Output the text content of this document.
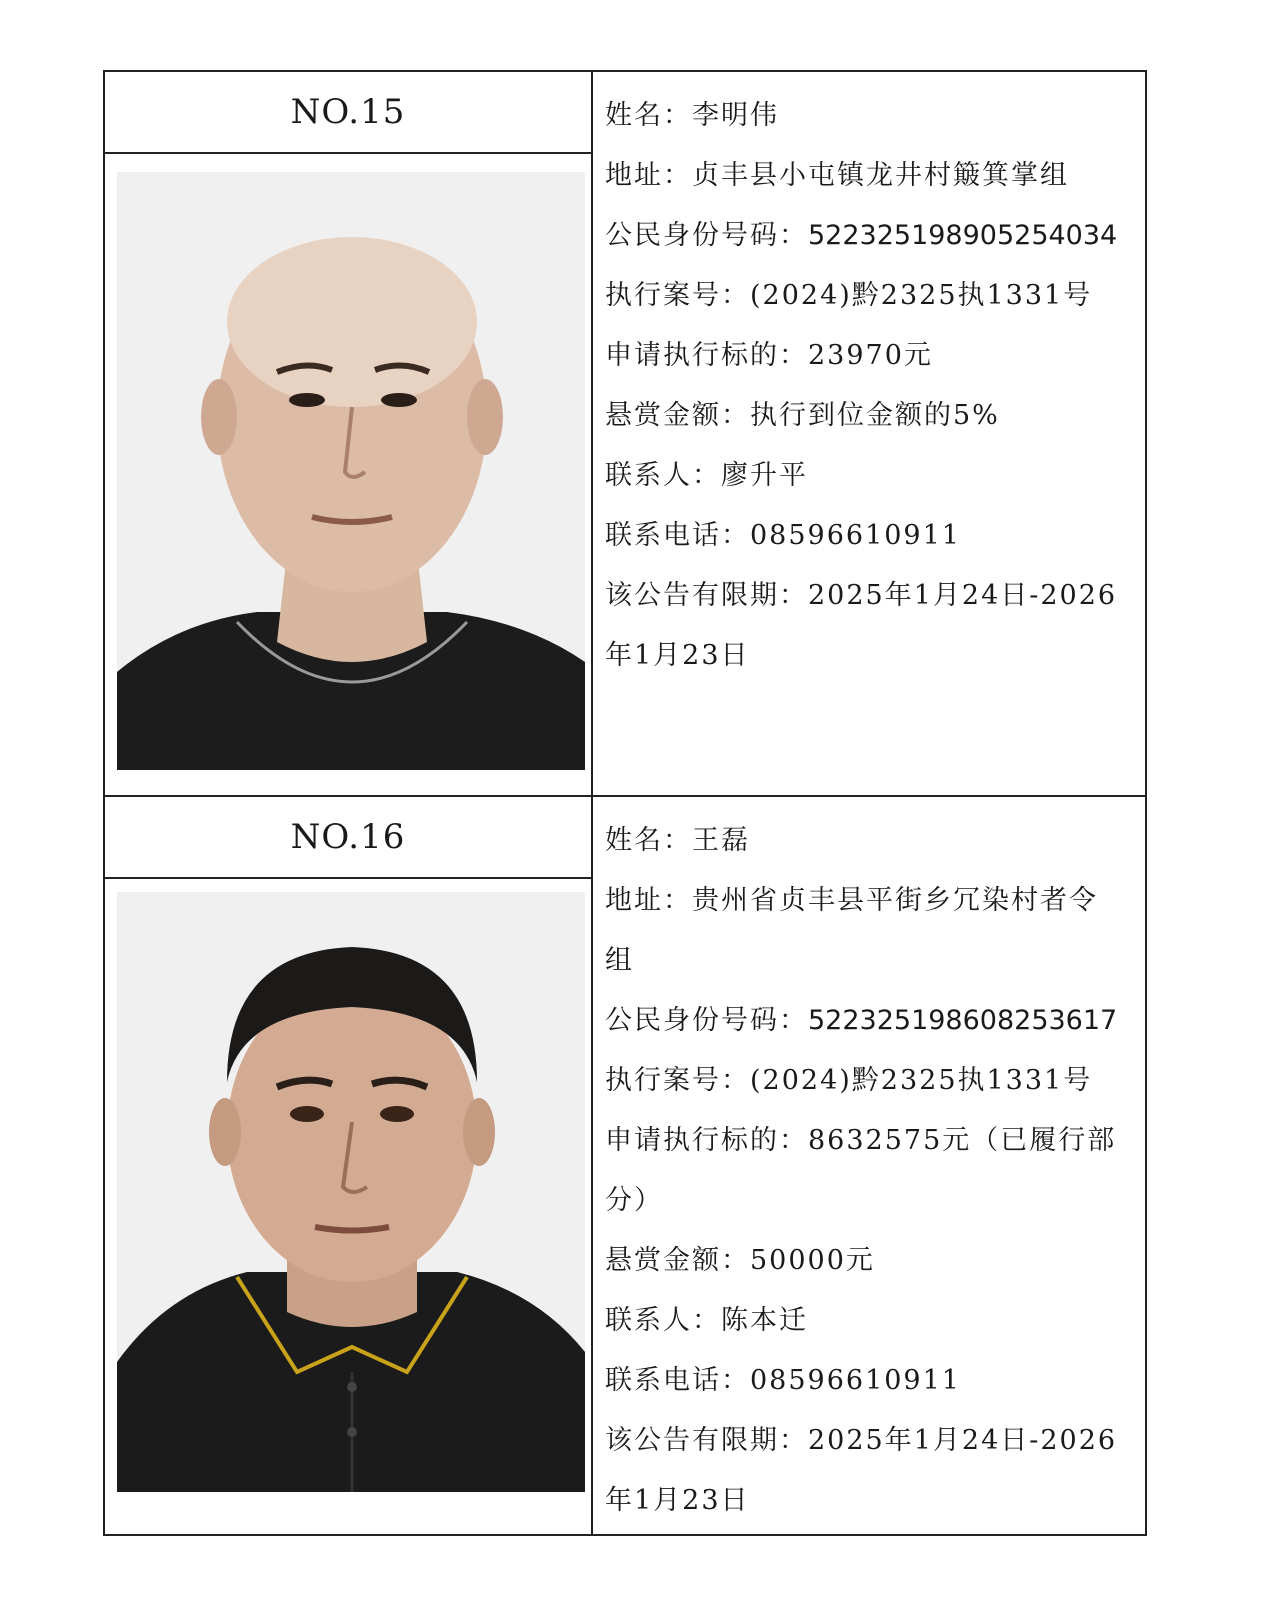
NO.15	姓名：李明伟
地址：贞丰县小屯镇龙井村簸箕掌组
公民身份号码：522325198905254034
执行案号：(2024)黔2325执1331号
申请执行标的：23970元
悬赏金额：执行到位金额的5%
联系人：廖升平
联系电话：08596610911
该公告有限期：2025年1月24日-2026
年1月23日
NO.16	姓名：王磊
地址：贵州省贞丰县平街乡冗染村者令
组
公民身份号码：522325198608253617
执行案号：(2024)黔2325执1331号
申请执行标的：8632575元（已履行部
分）
悬赏金额：50000元
联系人：陈本迁
联系电话：08596610911
该公告有限期：2025年1月24日-2026
年1月23日
